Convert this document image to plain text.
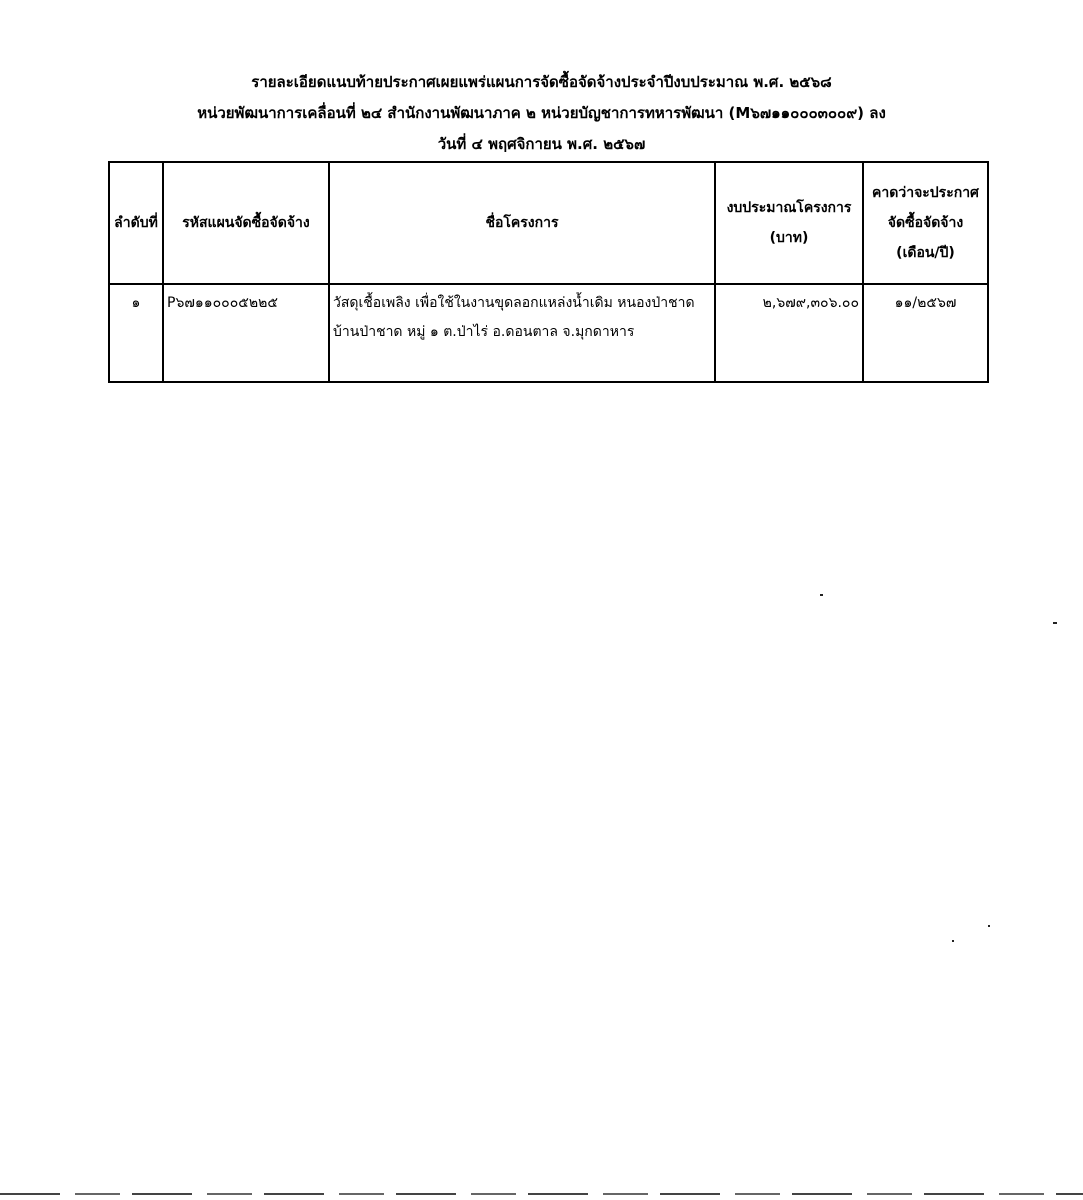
รายละเอียดแนบท้ายประกาศเผยแพร่แผนการจัดซื้อจัดจ้างประจำปีงบประมาณ พ.ศ. ๒๕๖๘
หน่วยพัฒนาการเคลื่อนที่ ๒๔ สำนักงานพัฒนาภาค ๒ หน่วยบัญชาการทหารพัฒนา (M๖๗๑๑๐๐๐๓๐๐๙) ลง
วันที่ ๔ พฤศจิกายน พ.ศ. ๒๕๖๗
ลำดับที่	รหัสแผนจัดซื้อจัดจ้าง	ชื่อโครงการ	งบประมาณโครงการ (บาท)	คาดว่าจะประกาศจัดซื้อจัดจ้าง (เดือน/ปี)
๑	P๖๗๑๑๐๐๐๕๒๒๕	วัสดุเชื้อเพลิง เพื่อใช้ในงานขุดลอกแหล่งน้ำเดิม หนองป่าชาด บ้านป่าชาด หมู่ ๑ ต.ป่าไร่ อ.ดอนตาล จ.มุกดาหาร	๒,๖๗๙,๓๐๖.๐๐	๑๑/๒๕๖๗
